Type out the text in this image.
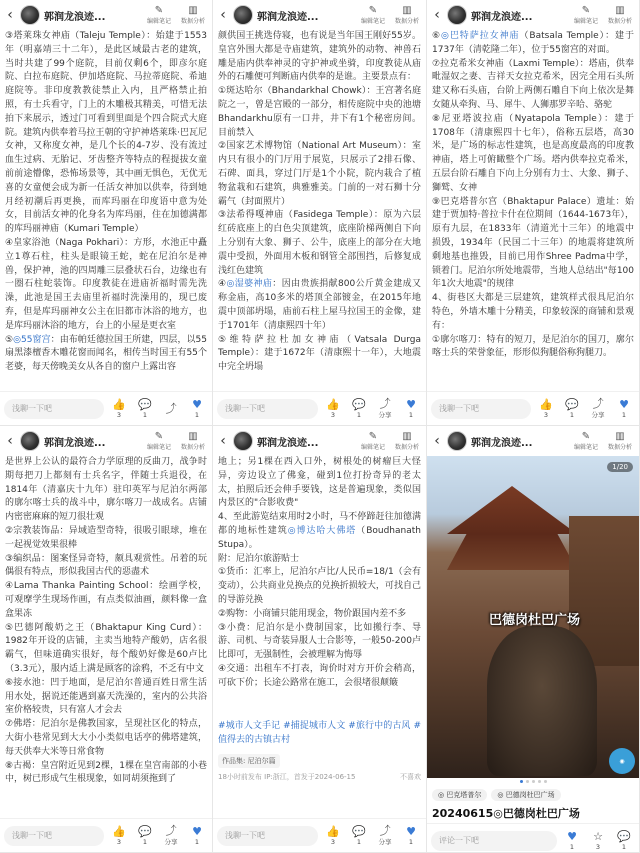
‹	郭润龙浪迹...
✎
编辑笔记
▥
数据分析

③塔莱珠女神庙（Taleju Temple）：始建于1553年（明嘉靖三十二年），是此区域最古老的建筑，当时共建了99个庭院，目前仅剩6个，即彦尔庭院、白拉布庭院、伊加塔庭院、马拉蒂庭院、希迪庭院等。非印度教教徒禁止入内，且严格禁止拍照，有士兵看守，门上的木雕极其精美，可惜无法拍下来展示，透过门可看到里面是个四合院式大庭院。建筑内供奉着马拉王朝的守护神塔莱珠·巴瓦尼女神，又称度女神，是几个长的4-7岁、没有流过血生过病、无胎记、牙齿整齐等特点的程提拔女童前前途懵像，恐怖场景等，其中画无惧色，无优无喜的女童便会成为新一任活女神加以供奉，待到她月经初潮后再更换，而库玛丽在印度语中意为处女，目前活女神的化身名为库玛丽，住在加德满都的库玛丽神庙（Kumari Temple）

④皇家浴池（Naga Pokhari）：方形，水池正中矗立1尊石柱，柱头是眼镜王蛇，蛇在尼泊尔是神兽，保护神，池的四周雕三层叠状石台，边缘也有一圈石柱蛇装饰。印度教徒在进庙祈福时需先洗澡，此池是国王去庙里祈福时洗澡用的，现已废弃，但是库玛丽神女公主在旧都市沐浴的地方，也是库玛丽沐浴的地方，台上的小屋是更衣室

⑤◎55窗宫：由布帕廷德拉国王所建，四层，以55扇黑漆檀香木雕花窗而闻名，相传当时国王有55个老婆，每天傍晚美女从各自的窗户上露出容

浅聊一下吧	👍
3
💬
1 ⤴ ♥
1
‹	郭润龙浪迹...
✎
编辑笔记
▥
数据分析

颜供国王挑选侍寝，也有说是当年国王刚好55岁。皇宫外围大都是寺庙建筑，建筑外的动物、神兽石雕是庙内供奉神灵的守护神或坐骑，印度教徒从庙外的石雕便可判断庙内供奉的是谁。主要景点有：

①斑达哈尔（Bhandarkhal Chowk）：王宫著名庭院之一，曾是宫殿的一部分，相传庭院中央的池塘Bhandarkhu原有一口井，井下有1个秘密房间。目前禁入

②国家艺术博物馆（National Art Museum）：室内只有很小的门厅用于展览，只展示了2排石像、石碑、面具，穿过门厅是1个小院，院内栽合了植物盆栽和石建筑，典雅雅美。门前的一对石狮十分霸气（封面照片）

③法希得嘎神庙（Fasidega Temple）：原为六层红砖底座上的白色尖顶建筑，底座阶梯两侧自下向上分别有大象、狮子、公牛，底座上的部分在大地震中受损，外面用木板和钢管全部围挡，后修复成浅红色建筑

④◎湿婆神庙：因由贵族捐献800公斤黄金建成又称金庙，高10多米的塔顶全部镀金，在2015年地震中顶部坍塌，庙前石柱上屋马拉国王的金像，建于1701年（清康熙四十年）

⑤维特萨拉杜加女神庙（Vatsala Durga Temple）：建于1672年（清康熙十一年），大地震中完全坍塌

浅聊一下吧	👍
3
💬
1
⤴
分享
♥
1
‹	郭润龙浪迹...
✎
编辑笔记
▥
数据分析

⑥◎巴特萨拉女神庙（Batsala Temple）：建于1737年（清乾隆二年），位于55窗宫的对面。

⑦拉克希米女神庙（Laxmi Temple）：塔庙，供奉毗湿奴之妻、吉祥天女拉克希米，因完全用石头所建又称石头庙，台阶上两侧石雕自下向上依次是舞女随从牵狗、马、犀牛、人狮那罗辛哈、骆驼

⑧尼亚塔波拉庙（Nyatapola Temple）：建于1708年（清康熙四十七年），俗称五层塔，高30米，是广场的标志性建筑，也是高度最高的印度教神庙，塔上可俯瞰整个广场。塔内供奉拉克希米，五层台阶石雕自下向上分别有力士、大象、狮子、獅鹫、女神

⑨巴克塔普尔宫（Bhaktapur Palace）遗址：始建于贾加特·普拉卡什在位期间（1644-1673年），原有九层，在1833年（清道光十三年）的地震中损毁，1934年（民国二十三年）的地震将建筑所剩地基也推毁，目前已用作Shree Padma中学，锁着门。尼泊尔所处地震带，当地人总结出"每100年1次大地震"的规律

4、街巷区大都是三层建筑，建筑样式很具尼泊尔特色，外墙木雕十分精美，印象较深的商铺和景观有：

①廓尔喀刀：特有的短刀，是尼泊尔的国刀，廓尔喀士兵的荣誉象征，形形似狗腿俗称狗腿刀。

浅聊一下吧	👍
3
💬
1
⤴
分享
♥
1
‹	郭润龙浪迹...
✎
编辑笔记
▥
数据分析

是世界上公认的最符合力学原理的反曲刀，战争时期每把刀上都刻有士兵名字，伴随士兵退役，在1814年（清嘉庆十九年）驻印英军与尼泊尔两部的廓尔喀士兵的战斗中，廓尔喀刀一战成名。店铺内密密麻麻的短刀很壮观

②宗教装饰品：异域造型奇特，很吸引眼球，堆在一起视觉效果很棒

③编织品：图案怪异奇特，颇具观赏性。吊着的玩偶很有特点，形似我国古代的惡盡术

④Lama Thanka Painting School：绘画学校，可观摩学生现场作画，有点类似油画，颜料像一盒盒果冻

⑤巴德阿酸奶之王（Bhaktapur King Curd）：1982年开设的店铺，主卖当地特产酸奶，店名很霸气，但味道确实很好，每个酸奶好像是60卢比（3.3元），服内适上满是顾客的涂鸦，不乏有中文

⑥接水池：凹于地面，是尼泊尔普通百姓日常生活用水处，据说还能遇到嘉天洗澡的，室内的公共浴室价格较贵，只有富人才会去

⑦佛塔：尼泊尔是佛教国家，呈现社区化的特点，大街小巷常见到大大小小类似电话亭的佛塔建筑，每天供奉大米等日常食物

⑧古褐：皇宫附近见到2棵，1棵在皇宫南部的小巷中，树已形成气生根现象，如同胡须拖到了

浅聊一下吧	👍
3
💬
1
⤴
分享
♥
1
‹	郭润龙浪迹...
✎
编辑笔记
▥
数据分析

地上；另1棵在西入口外，树根处的树瘤巨大怪异，旁边设立了佛龛，碰到1位打扮奇异的老太太，拍照后还会伸手要钱，这是普遍现象，类似国内景区的"合影收费"

4、至此游览结束用时2小时，马不停蹄赶往加德满都的地标性建筑◎博达哈大佛塔（Boudhanath Stupa）。

附：尼泊尔旅游贴士

①货币：汇率上，尼泊尔卢比/人民币=18/1（会有变动），公共商业兑换点的兑换折损较大，可找自己的导游兑换

②购物：小商铺只能用现金，物价跟国内差不多

③小费：尼泊尔是小费制国家，比如搬行李、导游、司机、与奇装异服人士合影等，一般50-200卢比即可，无强制性，会被理解为悔辱

④交通：出租车不打表，询价时对方开价会稍高，可砍下价；长途公路常在施工，会很堵很颠簸

#城市人文手记 #捕捉城市人文 #旅行中的古风 #值得去的古镇古村
作品集: 尼泊尔篇
18小时前发布 IP:浙江，首发于2024-06-15	不喜欢
浅聊一下吧	👍
3
💬
1
⤴
分享
♥
1
‹	郭润龙浪迹...
✎
编辑笔记
▥
数据分析
巴德岗杜巴广场
1/20
◉
◎ 巴克塔普尔	◎ 巴德岗杜巴广场
20240615◎巴德岗杜巴广场

评论一下吧	♥
1
☆
3
💬
1
